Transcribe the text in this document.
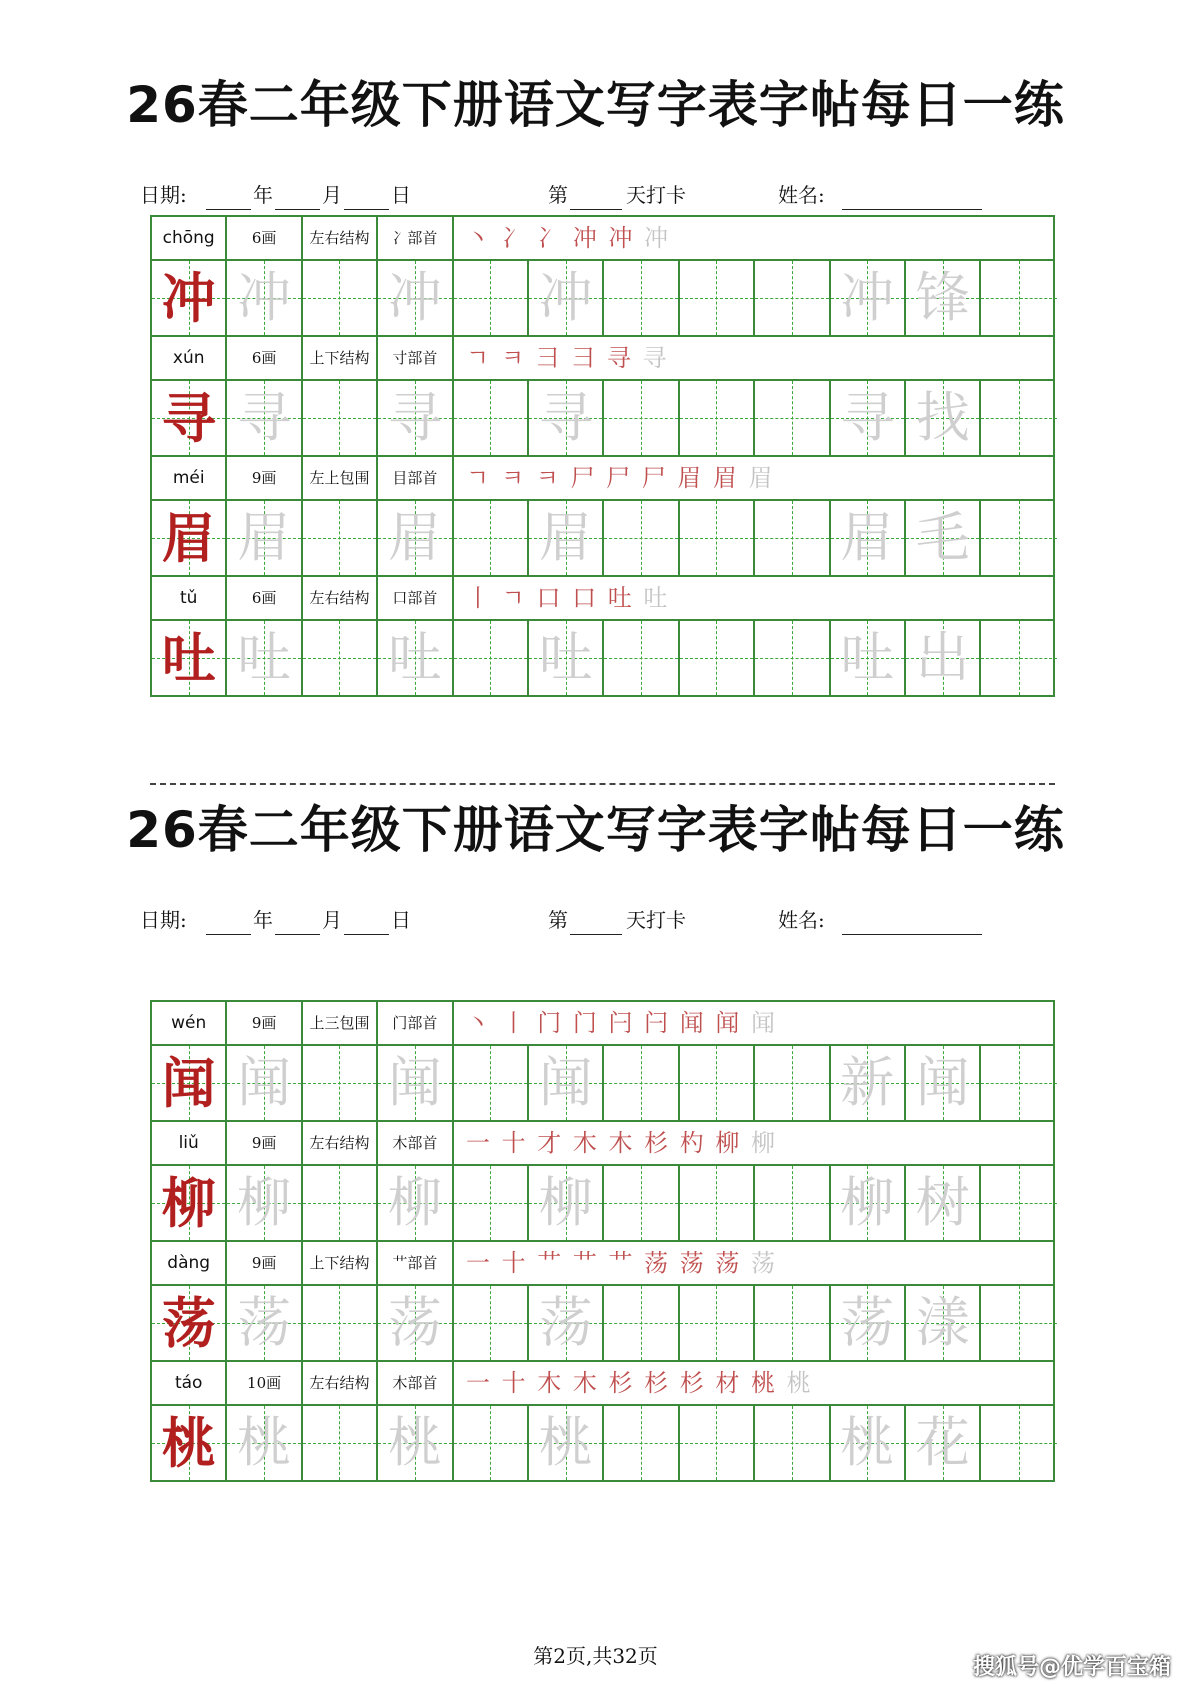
26春二年级下册语文写字表字帖每日一练
日期:	年 月 日	第	天打卡	姓名:
chōng	6画	左右结构	冫部首	丶 冫 冫 冲 冲 冲
冲 冲 冲 冲	冲 锋
xún	6画	上下结构	寸部首	ㄱ ㅋ ⺕ 彐 寻 寻
寻 寻 寻 寻	寻 找
méi	9画	左上包围	目部首	ㄱ ㅋ ㅋ 尸 尸 尸 眉 眉 眉
眉 眉 眉 眉	眉 毛
tǔ	6画	左右结构	口部首	丨 ㄱ 口 口 吐 吐
吐 吐 吐 吐	吐 出
26春二年级下册语文写字表字帖每日一练
日期:	年 月 日	第	天打卡	姓名:
wén	9画	上三包围	门部首	丶 丨 门 门 闩 闩 闻 闻 闻
闻 闻 闻 闻	新 闻
liǔ	9画	左右结构	木部首	一 十 才 木 木 杉 杓 柳 柳
柳 柳 柳 柳	柳 树
dàng	9画	上下结构	艹部首	一 十 艹 艹 艹 荡 荡 荡 荡
荡 荡 荡 荡	荡 漾
táo	10画	左右结构	木部首	一 十 木 木 杉 杉 杉 材 桃 桃
桃 桃 桃 桃	桃 花
第2页,共32页	搜狐号@优学百宝箱
